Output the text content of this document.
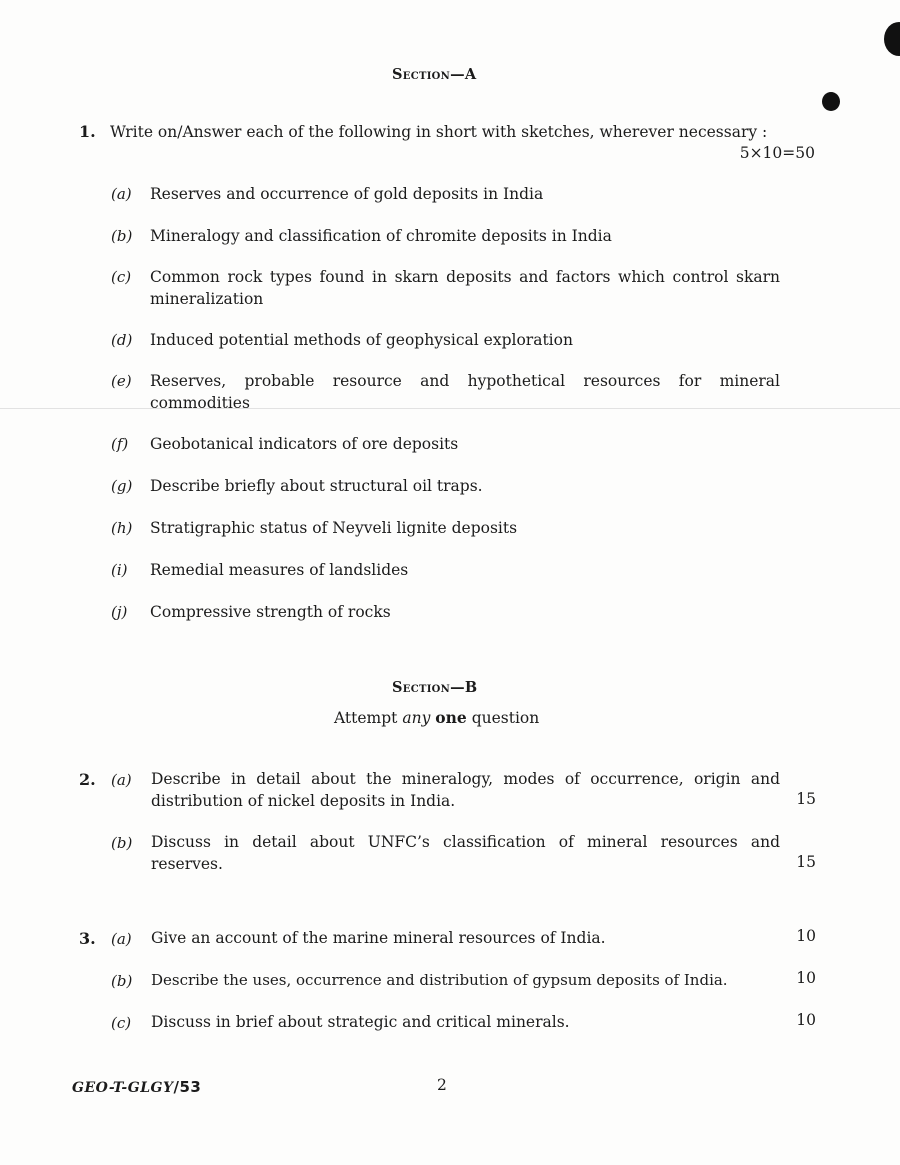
Section—A
1. Write on/Answer each of the following in short with sketches, wherever necessary :
5×10=50
(a) Reserves and occurrence of gold deposits in India
(b) Mineralogy and classification of chromite deposits in India
(c) Common rock types found in skarn deposits and factors which control skarn
mineralization
(d) Induced potential methods of geophysical exploration
(e) Reserves, probable resource and hypothetical resources for mineral
commodities
(f) Geobotanical indicators of ore deposits
(g) Describe briefly about structural oil traps.
(h) Stratigraphic status of Neyveli lignite deposits
(i) Remedial measures of landslides
(j) Compressive strength of rocks
Section—B
Attempt any one question
2. (a) Describe in detail about the mineralogy, modes of occurrence, origin and
distribution of nickel deposits in India.	15
(b) Discuss in detail about UNFC’s classification of mineral resources and
reserves.	15
3. (a) Give an account of the marine mineral resources of India.	10
(b) Describe the uses, occurrence and distribution of gypsum deposits of India.	10
(c) Discuss in brief about strategic and critical minerals.	10
GEO-T-GLGY/53	2
